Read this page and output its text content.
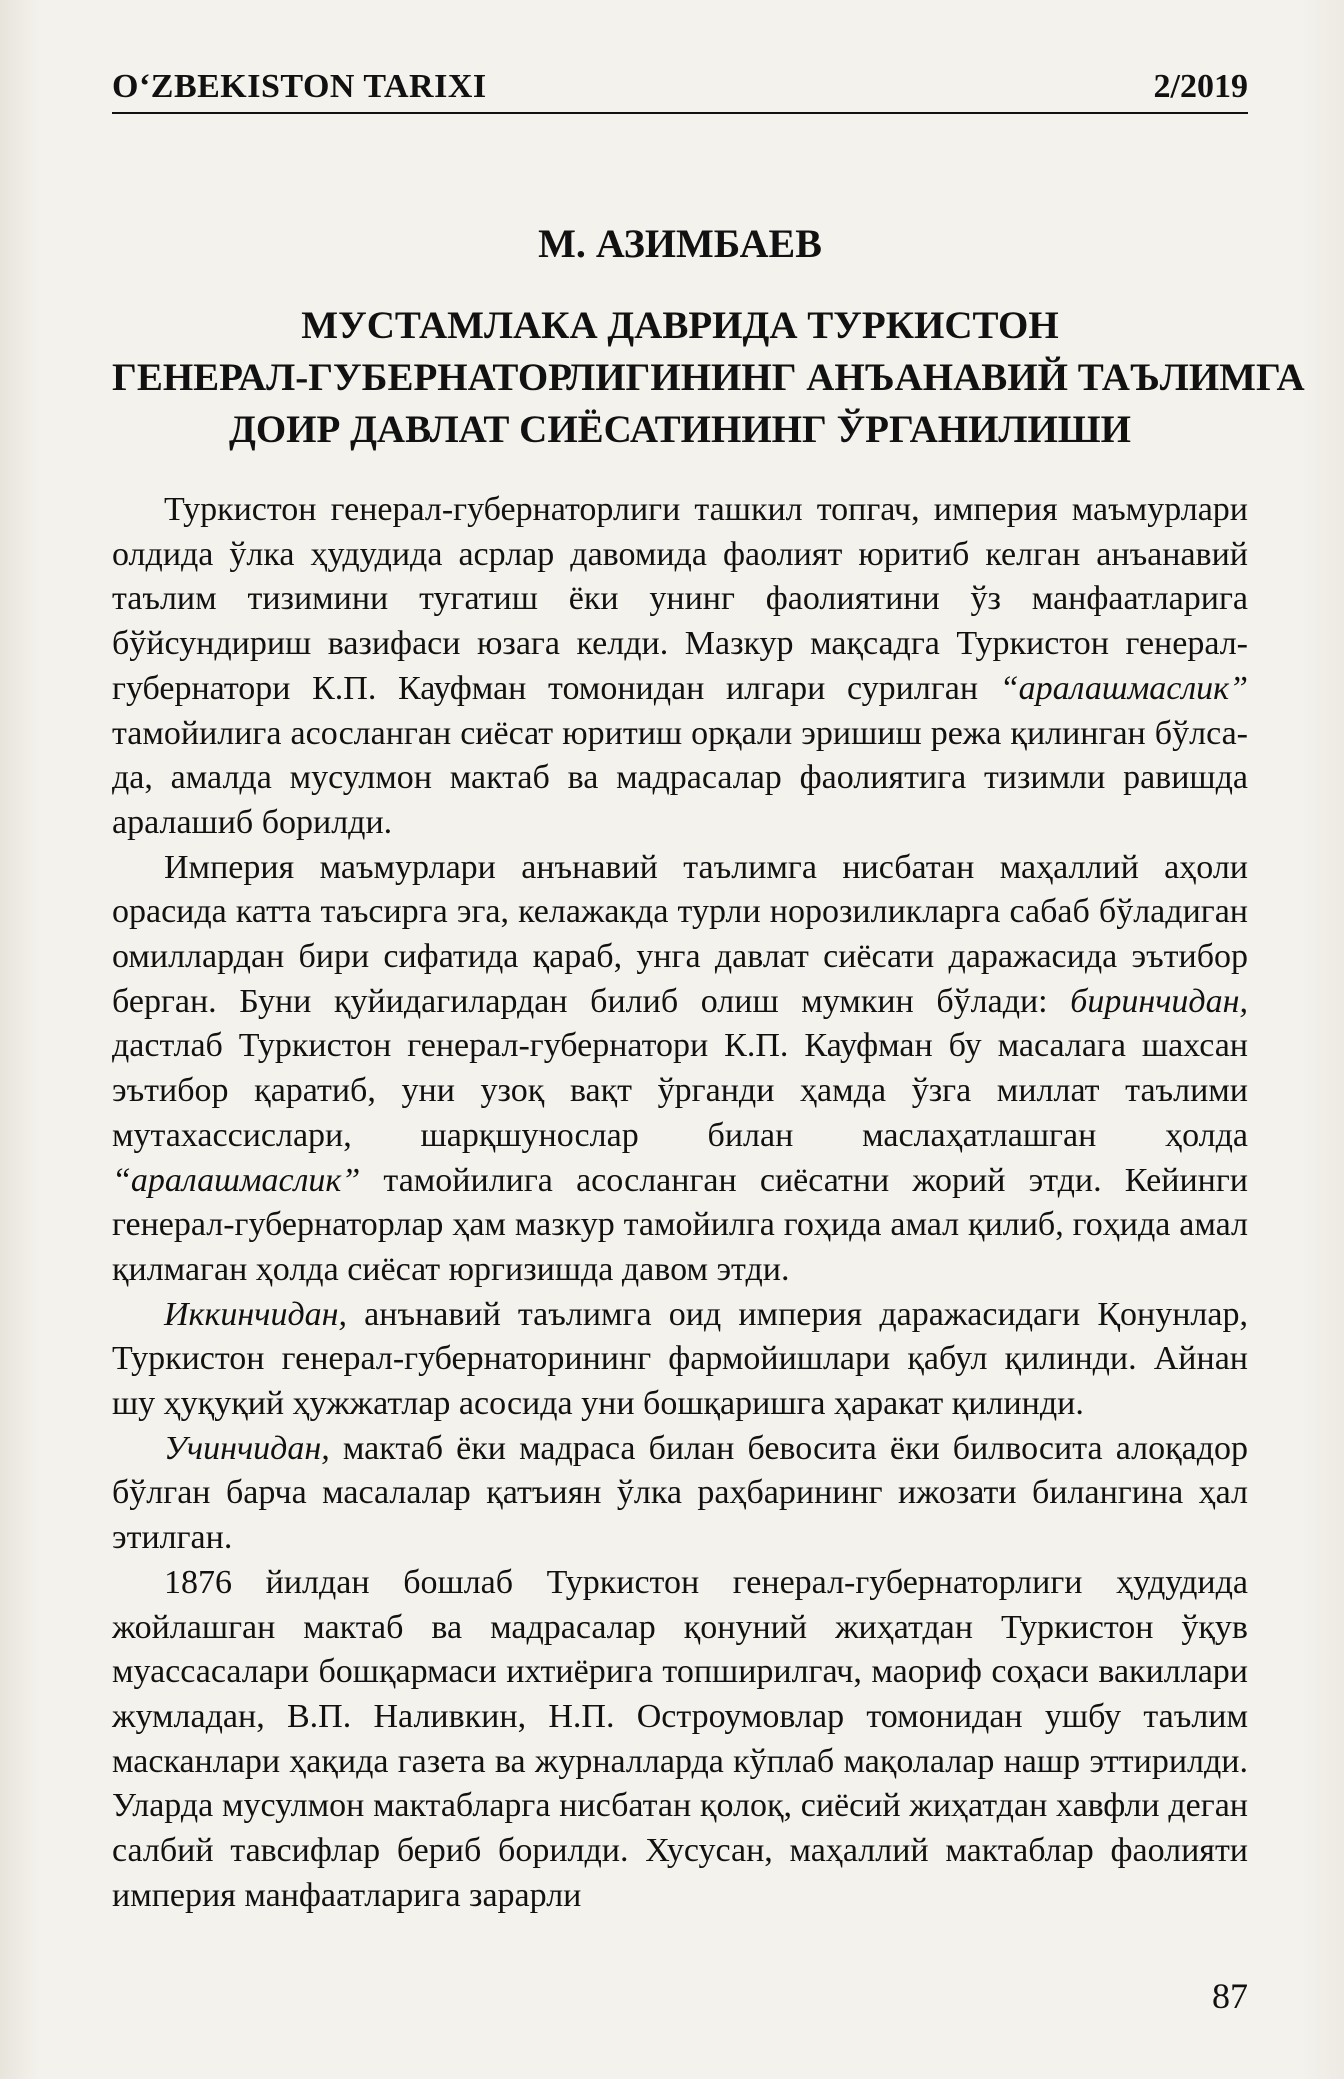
O‘ZBEKISTON TARIXI	2/2019
М. АЗИМБАЕВ
МУСТАМЛАКА ДАВРИДА ТУРКИСТОН
ГЕНЕРАЛ-ГУБЕРНАТОРЛИГИНИНГ АНЪАНАВИЙ ТАЪЛИМГА
ДОИР ДАВЛАТ СИЁСАТИНИНГ ЎРГАНИЛИШИ

Туркистон генерал-губернаторлиги ташкил топгач, империя маъмурлари олдида ўлка ҳудудида асрлар давомида фаолият юритиб келган анъанавий таълим тизимини тугатиш ёки унинг фаолиятини ўз манфаатларига бўйсундириш вазифаси юзага келди. Мазкур мақсадга Туркистон генерал-губернатори К.П. Кауфман томонидан илгари сурилган “аралашмаслик” тамойилига асосланган сиёсат юритиш орқали эришиш режа қилинган бўлса-да, амалда мусулмон мактаб ва мадрасалар фаолиятига тизимли равишда аралашиб борилди.

Империя маъмурлари анънавий таълимга нисбатан маҳаллий аҳоли орасида катта таъсирга эга, келажакда турли норозиликларга сабаб бўладиган омиллардан бири сифатида қараб, унга давлат сиёсати даражасида эътибор берган. Буни қуйидагилардан билиб олиш мумкин бўлади: биринчидан, дастлаб Туркистон генерал-губернатори К.П. Кауфман бу масалага шахсан эътибор қаратиб, уни узоқ вақт ўрганди ҳамда ўзга миллат таълими мутахассислари, шарқшунослар билан маслаҳатлашган ҳолда “аралашмаслик” тамойилига асосланган сиёсатни жорий этди. Кейинги генерал-губернаторлар ҳам мазкур тамойилга гоҳида амал қилиб, гоҳида амал қилмаган ҳолда сиёсат юргизишда давом этди.

Иккинчидан, анънавий таълимга оид империя даражасидаги Қонунлар, Туркистон генерал-губернаторининг фармойишлари қабул қилинди. Айнан шу ҳуқуқий ҳужжатлар асосида уни бошқаришга ҳаракат қилинди.

Учинчидан, мактаб ёки мадраса билан бевосита ёки билвосита алоқадор бўлган барча масалалар қатъиян ўлка раҳбарининг ижозати билангина ҳал этилган.

1876 йилдан бошлаб Туркистон генерал-губернаторлиги ҳудудида жойлашган мактаб ва мадрасалар қонуний жиҳатдан Туркистон ўқув муассасалари бошқармаси ихтиёрига топширилгач, маориф соҳаси вакиллари жумладан, В.П. Наливкин, Н.П. Остроумовлар томонидан ушбу таълим масканлари ҳақида газета ва журналларда кўплаб мақолалар нашр эттирилди. Уларда мусулмон мактабларга нисбатан қолоқ, сиёсий жиҳатдан хавфли деган салбий тавсифлар бериб борилди. Хусусан, маҳаллий мактаблар фаолияти империя манфаатларига зарарли

87
